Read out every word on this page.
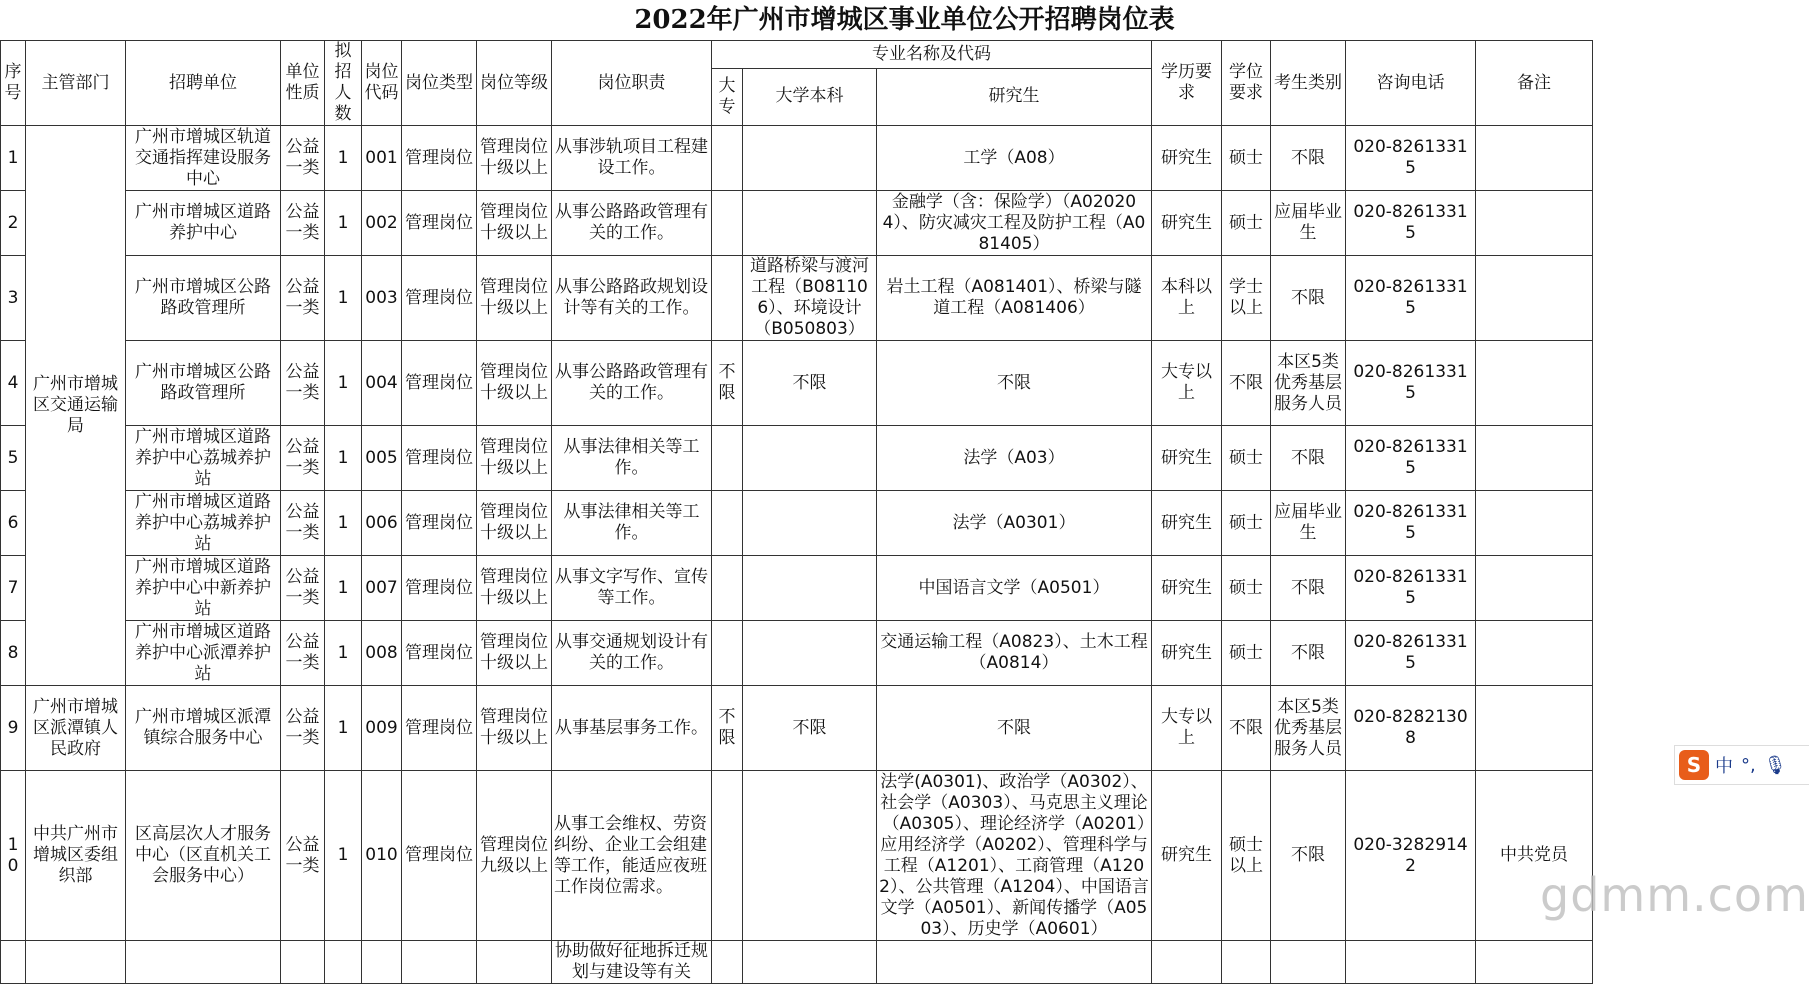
2022年广州市增城区事业单位公开招聘岗位表
序号	主管部门	招聘单位	单位性质	拟招人数	岗位代码	岗位类型	岗位等级	岗位职责	专业名称及代码			学历要求	学位要求	考生类别	咨询电话	备注
									大专	大学本科	研究生					
1	广州市增城区交通运输局	广州市增城区轨道交通指挥建设服务中心	公益一类	1	001	管理岗位	管理岗位十级以上	从事涉轨项目工程建设工作。			工学（A08）	研究生	硕士	不限	020-82613315	
2		广州市增城区道路养护中心	公益一类	1	002	管理岗位	管理岗位十级以上	从事公路路政管理有关的工作。			金融学（含：保险学）（A020204）、防灾减灾工程及防护工程（A081405）	研究生	硕士	应届毕业生	020-82613315	
3		广州市增城区公路路政管理所	公益一类	1	003	管理岗位	管理岗位十级以上	从事公路路政规划设计等有关的工作。		道路桥梁与渡河工程（B081106）、环境设计（B050803）	岩土工程（A081401）、桥梁与隧道工程（A081406）	本科以上	学士以上	不限	020-82613315	
4		广州市增城区公路路政管理所	公益一类	1	004	管理岗位	管理岗位十级以上	从事公路路政管理有关的工作。	不限	不限	不限	大专以上	不限	本区5类优秀基层服务人员	020-82613315	
5		广州市增城区道路养护中心荔城养护站	公益一类	1	005	管理岗位	管理岗位十级以上	从事法律相关等工作。			法学（A03）	研究生	硕士	不限	020-82613315	
6		广州市增城区道路养护中心荔城养护站	公益一类	1	006	管理岗位	管理岗位十级以上	从事法律相关等工作。			法学（A0301）	研究生	硕士	应届毕业生	020-82613315	
7		广州市增城区道路养护中心中新养护站	公益一类	1	007	管理岗位	管理岗位十级以上	从事文字写作、宣传等工作。			中国语言文学（A0501）	研究生	硕士	不限	020-82613315	
8		广州市增城区道路养护中心派潭养护站	公益一类	1	008	管理岗位	管理岗位十级以上	从事交通规划设计有关的工作。			交通运输工程（A0823）、土木工程（A0814）	研究生	硕士	不限	020-82613315	
9	广州市增城区派潭镇人民政府	广州市增城区派潭镇综合服务中心	公益一类	1	009	管理岗位	管理岗位十级以上	从事基层事务工作。	不限	不限	不限	大专以上	不限	本区5类优秀基层服务人员	020-82821308	
10	中共广州市增城区委组织部	区高层次人才服务中心（区直机关工会服务中心）	公益一类	1	010	管理岗位	管理岗位九级以上	从事工会维权、劳资纠纷、企业工会组建等工作，能适应夜班工作岗位需求。			法学(A0301)、政治学（A0302）、社会学（A0303）、马克思主义理论（A0305）、理论经济学（A0201）应用经济学（A0202）、管理科学与工程（A1201）、工商管理（A1202）、公共管理（A1204）、中国语言文学（A0501）、新闻传播学（A0503）、历史学（A0601）	研究生	硕士以上	不限	020-32829142	中共党员
								协助做好征地拆迁规划与建设等有关								
S 中 °, 🎙
gdmm.com
